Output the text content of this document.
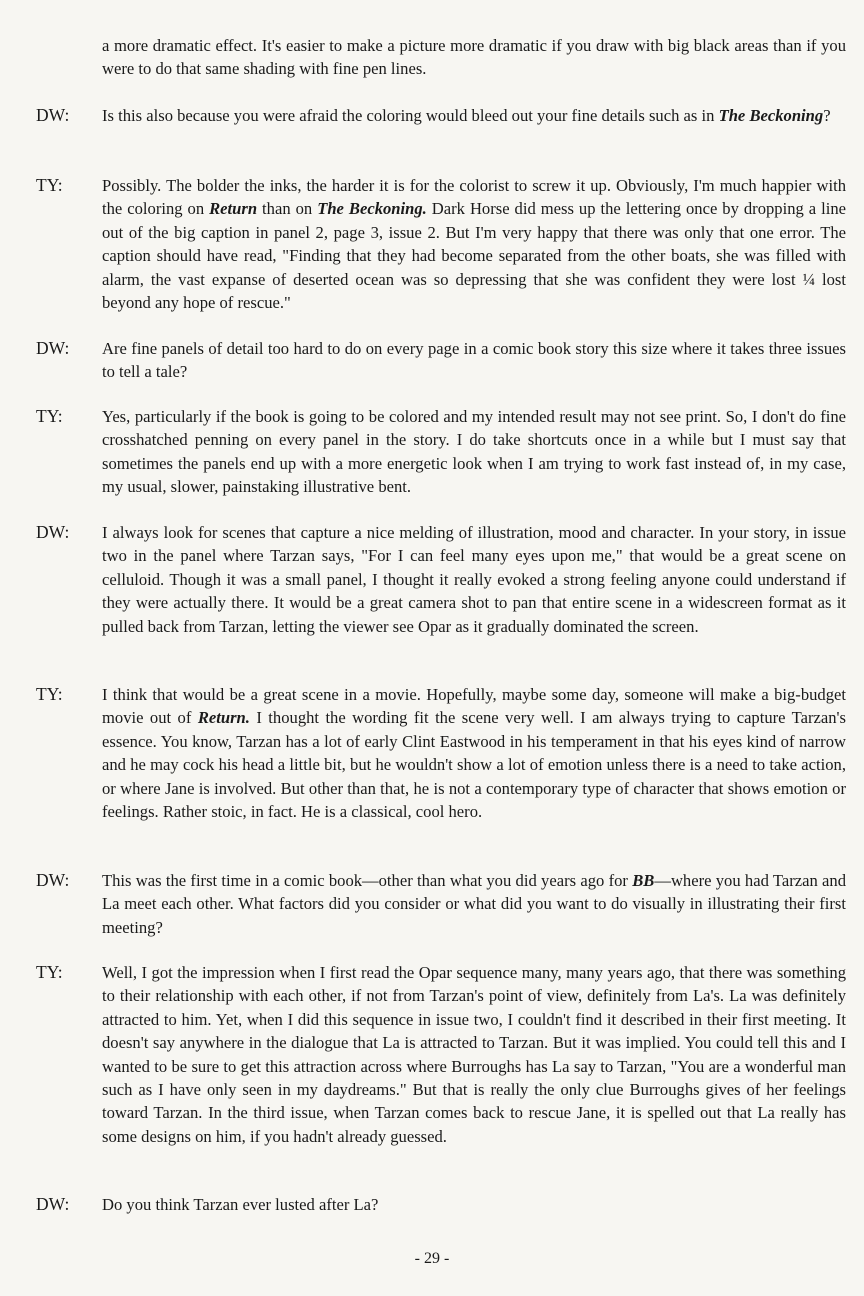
a more dramatic effect. It's easier to make a picture more dramatic if you draw with big black areas than if you were to do that same shading with fine pen lines.

DW: Is this also because you were afraid the coloring would bleed out your fine details such as in The Beckoning?

TY: Possibly. The bolder the inks, the harder it is for the colorist to screw it up. Obviously, I'm much happier with the coloring on Return than on The Beckoning. Dark Horse did mess up the lettering once by dropping a line out of the big caption in panel 2, page 3, issue 2. But I'm very happy that there was only that one error. The caption should have read, "Finding that they had become separated from the other boats, she was filled with alarm, the vast expanse of deserted ocean was so depressing that she was confident they were lost ¼ lost beyond any hope of rescue."

DW: Are fine panels of detail too hard to do on every page in a comic book story this size where it takes three issues to tell a tale?

TY: Yes, particularly if the book is going to be colored and my intended result may not see print. So, I don't do fine crosshatched penning on every panel in the story. I do take shortcuts once in a while but I must say that sometimes the panels end up with a more energetic look when I am trying to work fast instead of, in my case, my usual, slower, painstaking illustrative bent.

DW: I always look for scenes that capture a nice melding of illustration, mood and character. In your story, in issue two in the panel where Tarzan says, "For I can feel many eyes upon me," that would be a great scene on celluloid. Though it was a small panel, I thought it really evoked a strong feeling anyone could understand if they were actually there. It would be a great camera shot to pan that entire scene in a widescreen format as it pulled back from Tarzan, letting the viewer see Opar as it gradually dominated the screen.

TY: I think that would be a great scene in a movie. Hopefully, maybe some day, someone will make a big-budget movie out of Return. I thought the wording fit the scene very well. I am always trying to capture Tarzan's essence. You know, Tarzan has a lot of early Clint Eastwood in his temperament in that his eyes kind of narrow and he may cock his head a little bit, but he wouldn't show a lot of emotion unless there is a need to take action, or where Jane is involved. But other than that, he is not a contemporary type of character that shows emotion or feelings. Rather stoic, in fact. He is a classical, cool hero.

DW: This was the first time in a comic book—other than what you did years ago for BB—where you had Tarzan and La meet each other. What factors did you consider or what did you want to do visually in illustrating their first meeting?

TY: Well, I got the impression when I first read the Opar sequence many, many years ago, that there was something to their relationship with each other, if not from Tarzan's point of view, definitely from La's. La was definitely attracted to him. Yet, when I did this sequence in issue two, I couldn't find it described in their first meeting. It doesn't say anywhere in the dialogue that La is attracted to Tarzan. But it was implied. You could tell this and I wanted to be sure to get this attraction across where Burroughs has La say to Tarzan, "You are a wonderful man such as I have only seen in my daydreams." But that is really the only clue Burroughs gives of her feelings toward Tarzan. In the third issue, when Tarzan comes back to rescue Jane, it is spelled out that La really has some designs on him, if you hadn't already guessed.

DW: Do you think Tarzan ever lusted after La?

- 29 -
